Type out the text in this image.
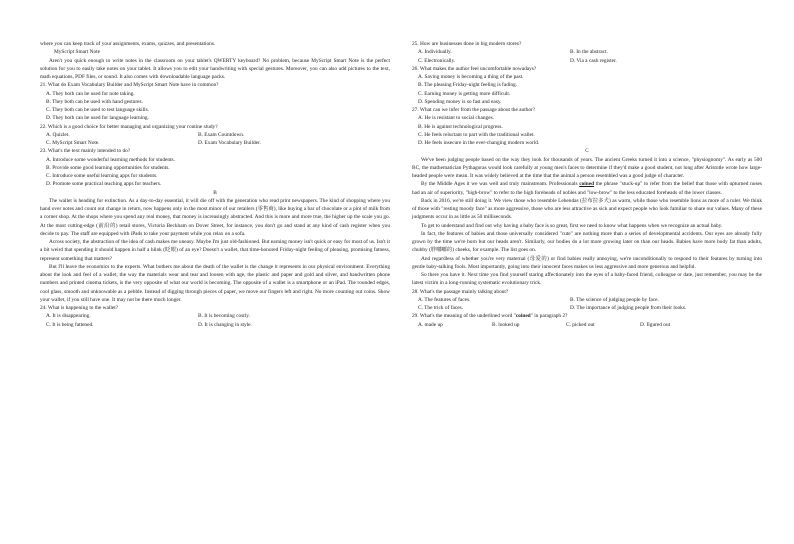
where you can keep track of your assignments, exams, quizzes, and presentations.

MyScript Smart Note

Aren't you quick enough to write notes in the classroom on your tablet's QWERTY keyboard? No problem, because MyScript Smart Note is the perfect solution for you to easily take notes on your tablet. It allows you to edit your handwriting with special gestures. Moreover, you can also add pictures to the text, math equations, PDF files, or sound. It also comes with downloadable language packs.

21. What do Exam Vocabulary Builder and MyScript Smart Note have in common?

A. They both can be used for note taking.

B. They both can be used with hand gestures.

C. They both can be used to test language skills.

D. They both can be used for language learning.

22. Which is a good choice for better managing and organizing your routine study?

A. Quizlet.	B. Exam Countdown.

C. MyScript Smart Note.	D. Exam Vocabulary Builder.

23. What's the text mainly intended to do?

A. Introduce some wonderful learning methods for students.

B. Provide some good learning opportunities for students.

C. Introduce some useful learning apps for students.

D. Promote some practical teaching apps for teachers.

B

The wallet is heading for extinction. As a day-to-day essential, it will die off with the generation who read print newspapers. The kind of shopping where you hand over notes and count out change in return, now happens only in the most minor of our retailers (零售商), like buying a bar of chocolate or a pint of milk from a corner shop. At the shops where you spend any real money, that money is increasingly abstracted. And this is more and more true, the higher up the scale you go. At the most cutting-edge (前沿的) retail stores, Victoria Beckham on Dover Street, for instance, you don't go and stand at any kind of cash register when you decide to pay. The staff are equipped with iPads to take your payment while you relax on a sofa.

Across society, the abstraction of the idea of cash makes me uneasy. Maybe I'm just old-fashioned. But earning money isn't quick or easy for most of us. Isn't it a bit weird that spending it should happen in half a blink (眨眼) of an eye? Doesn't a wallet, that time-honored Friday-night feeling of pleasing, promising fatness, represent something that matters?

But I'll leave the economics to the experts. What bothers me about the death of the wallet is the change it represents in our physical environment. Everything about the look and feel of a wallet, the way the materials wear and tear and loosen with age, the plastic and paper and gold and silver, and handwritten phone numbers and printed cinema tickets, is the very opposite of what our world is becoming. The opposite of a wallet is a smartphone or an iPad. The rounded edges, cool glass, smooth and unknowable as a pebble. Instead of digging through pieces of paper, we move our fingers left and right. No more counting out coins. Show your wallet, if you still have one. It may not be there much longer.

24. What is happening to the wallet?

A. It is disappearing.	B. It is becoming costly.

C. It is being fattened.	D. It is changing in style.

25. How are businesses done in big modern stores?

A. Individually.	B. In the abstract.

C. Electronically.	D. Via a cash register.

26. What makes the author feel uncomfortable nowadays?

A. Saving money is becoming a thing of the past.

B. The pleasing Friday-night feeling is fading.

C. Earning money is getting more difficult.

D. Spending money is so fast and easy.

27. What can we infer from the passage about the author?

A. He is resistant to social changes.

B. He is against technological progress.

C. He feels reluctant to part with the traditional wallet.

D. He feels insecure in the ever-changing modern world.

C

We've been judging people based on the way they look for thousands of years. The ancient Greeks turned it into a science, "physiognomy". As early as 500 BC, the mathematician Pythagoras would look carefully at young men's faces to determine if they'd make a good student, not long after Aristotle wrote how large-headed people were mean. It was widely believed at the time that the animal a person resembled was a good judge of character.

By the Middle Ages it we was well and truly mainstream. Professionals coined the phrase "stuck-up" to refer from the belief that those with upturned noses had an air of superiority, "high-brow" to refer to the high foreheads of nobles and "low-brow" to the less educated foreheads of the lower classes.

Back in 2016, we're still doing it. We view those who resemble Lehendas (拉布拉多犬) as warm, while those who resemble lions as more of a ruler. We think of those with "resting moody face" as more aggressive, those who are less attractive as sick and expect people who look familiar to share our values. Many of these judgments occur in as little as 50 milliseconds.

To get to understand and find out why having a baby face is so great, first we need to know what happens when we recognize an actual baby.

In fact, the features of babies and those universally considered "cute" are nothing more than a series of developmental accidents. Our eyes are already fully grown by the time we're born but our heads aren't. Similarly, our bodies do a lot more growing later on than our heads. Babies have more body fat than adults, chubby (胖嘟嘟的) cheeks, for example. The list goes on.

And regardless of whether you're very maternal (母爱的) or find babies really annoying, we're unconditionally to respond to their features by turning into gentle baby-talking fools. Most importantly, going into their innocent faces makes us less aggressive and more generous and helpful.

So there you have it. Next time you find yourself staring affectionately into the eyes of a baby-faced friend, colleague or date, just remember, you may be the latest victim in a long-running systematic evolutionary trick.

28. What's the passage mainly talking about?

A. The features of faces.	B. The science of judging people by face.

C. The trick of faces.	D. The importance of judging people from their looks.

29. What's the meaning of the underlined word "coined" in paragraph 2?

A. made up	B. looked up	C. picked out	D. figured out
